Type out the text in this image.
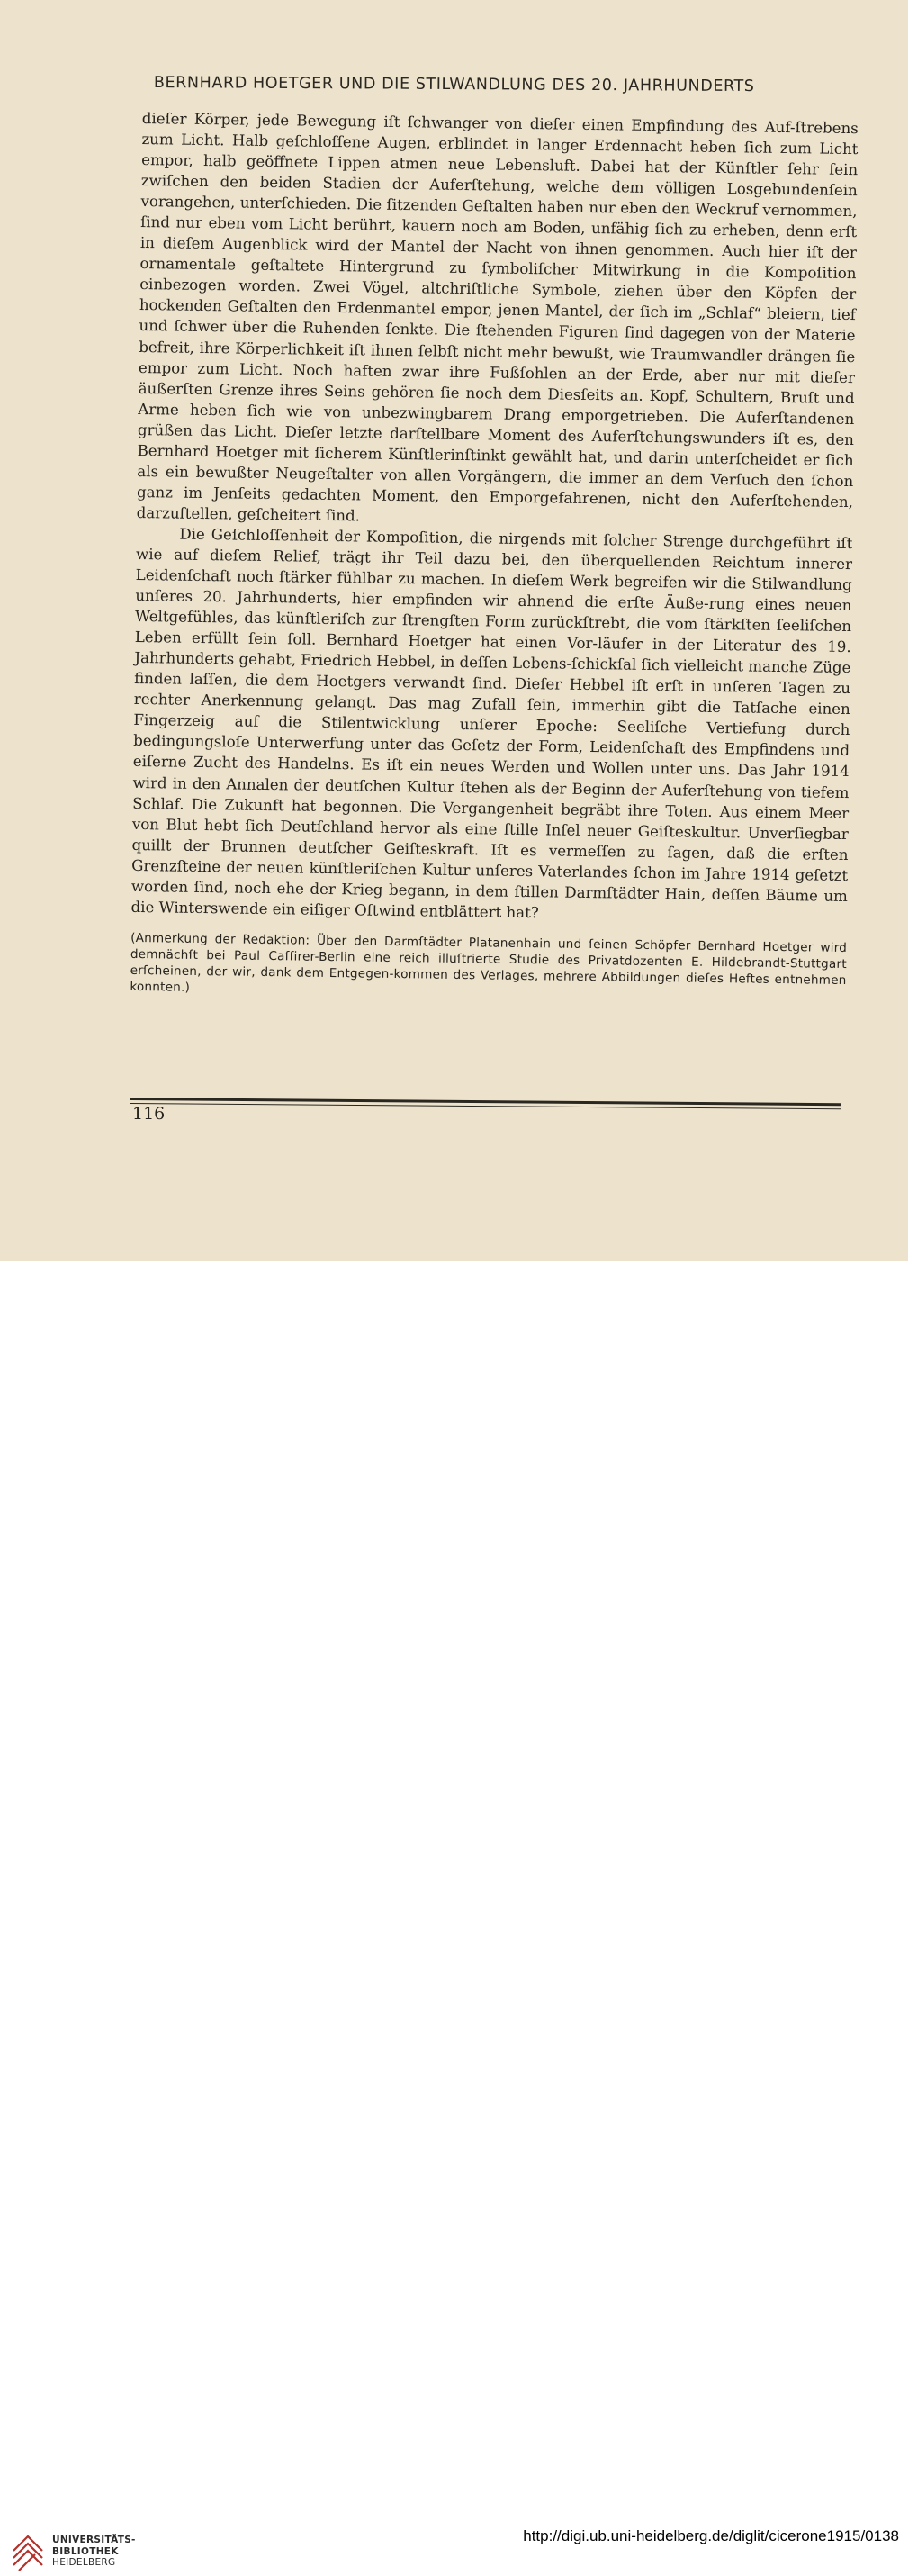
BERNHARD HOETGER UND DIE STILWANDLUNG DES 20. JAHRHUNDERTS

dieſer Körper, jede Bewegung iſt ſchwanger von dieſer einen Empfindung des Auf-ſtrebens zum Licht. Halb geſchloſſene Augen, erblindet in langer Erdennacht heben ſich zum Licht empor, halb geöffnete Lippen atmen neue Lebensluft. Dabei hat der Künſtler ſehr fein zwiſchen den beiden Stadien der Auferſtehung, welche dem völligen Losgebundenſein vorangehen, unterſchieden. Die ſitzenden Geſtalten haben nur eben den Weckruf vernommen, ſind nur eben vom Licht berührt, kauern noch am Boden, unfähig ſich zu erheben, denn erſt in dieſem Augenblick wird der Mantel der Nacht von ihnen genommen. Auch hier iſt der ornamentale geſtaltete Hintergrund zu ſymboliſcher Mitwirkung in die Kompoſition einbezogen worden. Zwei Vögel, altchriſtliche Symbole, ziehen über den Köpfen der hockenden Geſtalten den Erdenmantel empor, jenen Mantel, der ſich im „Schlaf“ bleiern, tief und ſchwer über die Ruhenden ſenkte. Die ſtehenden Figuren ſind dagegen von der Materie befreit, ihre Körperlichkeit iſt ihnen ſelbſt nicht mehr bewußt, wie Traumwandler drängen ſie empor zum Licht. Noch haften zwar ihre Fußſohlen an der Erde, aber nur mit dieſer äußerſten Grenze ihres Seins gehören ſie noch dem Diesſeits an. Kopf, Schultern, Bruſt und Arme heben ſich wie von unbezwingbarem Drang emporgetrieben. Die Auferſtandenen grüßen das Licht. Dieſer letzte darſtellbare Moment des Auferſtehungswunders iſt es, den Bernhard Hoetger mit ſicherem Künſtlerinſtinkt gewählt hat, und darin unterſcheidet er ſich als ein bewußter Neugeſtalter von allen Vorgängern, die immer an dem Verſuch den ſchon ganz im Jenſeits gedachten Moment, den Emporgefahrenen, nicht den Auferſtehenden, darzuſtellen, geſcheitert ſind.

Die Geſchloſſenheit der Kompoſition, die nirgends mit ſolcher Strenge durchgeführt iſt wie auf dieſem Relief, trägt ihr Teil dazu bei, den überquellenden Reichtum innerer Leidenſchaft noch ſtärker fühlbar zu machen. In dieſem Werk begreifen wir die Stilwandlung unſeres 20. Jahrhunderts, hier empfinden wir ahnend die erſte Äuße-rung eines neuen Weltgefühles, das künſtleriſch zur ſtrengſten Form zurückſtrebt, die vom ſtärkſten ſeeliſchen Leben erfüllt ſein ſoll. Bernhard Hoetger hat einen Vor-läufer in der Literatur des 19. Jahrhunderts gehabt, Friedrich Hebbel, in deſſen Lebens-ſchickſal ſich vielleicht manche Züge finden laſſen, die dem Hoetgers verwandt ſind. Dieſer Hebbel iſt erſt in unſeren Tagen zu rechter Anerkennung gelangt. Das mag Zufall ſein, immerhin gibt die Tatſache einen Fingerzeig auf die Stilentwicklung unſerer Epoche: Seeliſche Vertiefung durch bedingungsloſe Unterwerfung unter das Geſetz der Form, Leidenſchaft des Empfindens und eiſerne Zucht des Handelns. Es iſt ein neues Werden und Wollen unter uns. Das Jahr 1914 wird in den Annalen der deutſchen Kultur ſtehen als der Beginn der Auferſtehung von tiefem Schlaf. Die Zukunft hat begonnen. Die Vergangenheit begräbt ihre Toten. Aus einem Meer von Blut hebt ſich Deutſchland hervor als eine ſtille Inſel neuer Geiſteskultur. Unverſiegbar quillt der Brunnen deutſcher Geiſteskraft. Iſt es vermeſſen zu ſagen, daß die erſten Grenzſteine der neuen künſtleriſchen Kultur unſeres Vaterlandes ſchon im Jahre 1914 geſetzt worden ſind, noch ehe der Krieg begann, in dem ſtillen Darmſtädter Hain, deſſen Bäume um die Winterswende ein eiſiger Oſtwind entblättert hat?

(Anmerkung der Redaktion: Über den Darmſtädter Platanenhain und ſeinen Schöpfer Bernhard Hoetger wird demnächſt bei Paul Caſſirer-Berlin eine reich illuſtrierte Studie des Privatdozenten E. Hildebrandt-Stuttgart erſcheinen, der wir, dank dem Entgegen-kommen des Verlages, mehrere Abbildungen dieſes Heftes entnehmen konnten.)

116
UNIVERSITÄTS-
BIBLIOTHEK
HEIDELBERG
http://digi.ub.uni-heidelberg.de/diglit/cicerone1915/0138
